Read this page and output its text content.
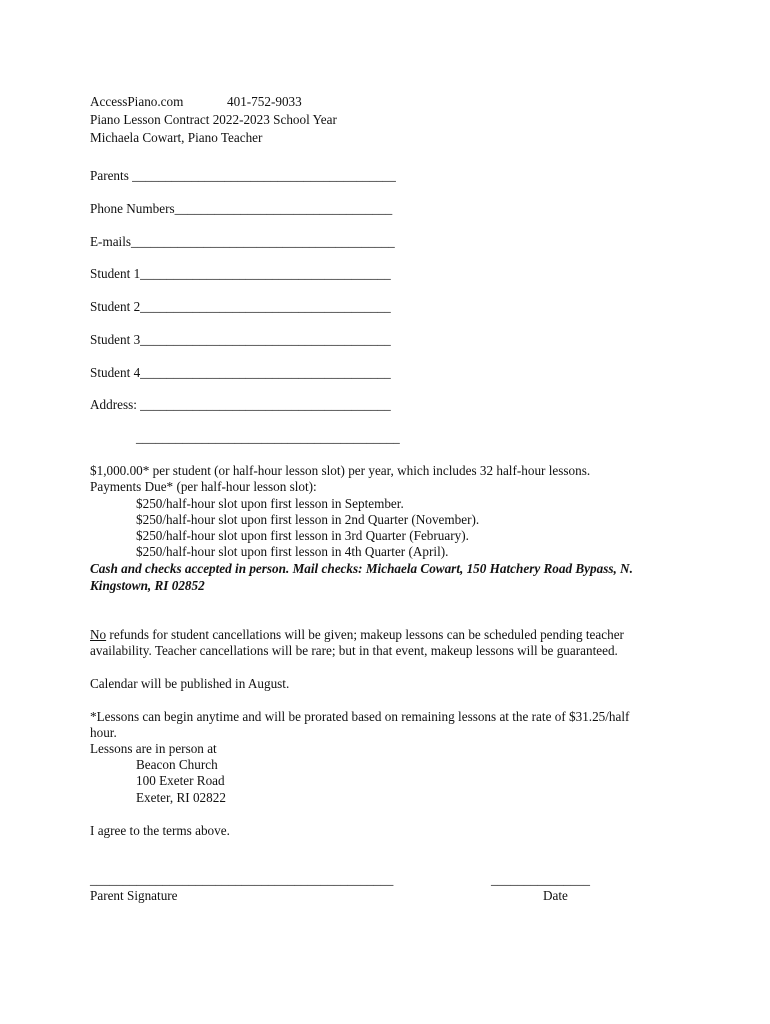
AccessPiano.com	401-752-9033
Piano Lesson Contract 2022-2023 School Year
Michaela Cowart, Piano Teacher
Parents ________________________________________
Phone Numbers_________________________________
E-mails________________________________________
Student 1______________________________________
Student 2______________________________________
Student 3______________________________________
Student 4______________________________________
Address: ______________________________________
________________________________________
$1,000.00* per student (or half-hour lesson slot) per year, which includes 32 half-hour lessons.
Payments Due* (per half-hour lesson slot):
$250/half-hour slot upon first lesson in September.
$250/half-hour slot upon first lesson in 2nd Quarter (November).
$250/half-hour slot upon first lesson in 3rd Quarter (February).
$250/half-hour slot upon first lesson in 4th Quarter (April).
Cash and checks accepted in person. Mail checks: Michaela Cowart, 150 Hatchery Road Bypass, N.
Kingstown, RI 02852
No refunds for student cancellations will be given; makeup lessons can be scheduled pending teacher
availability. Teacher cancellations will be rare; but in that event, makeup lessons will be guaranteed.
Calendar will be published in August.
*Lessons can begin anytime and will be prorated based on remaining lessons at the rate of $31.25/half
hour.
Lessons are in person at
Beacon Church
100 Exeter Road
Exeter, RI 02822
I agree to the terms above.
______________________________________________	_______________
Parent Signature	Date
